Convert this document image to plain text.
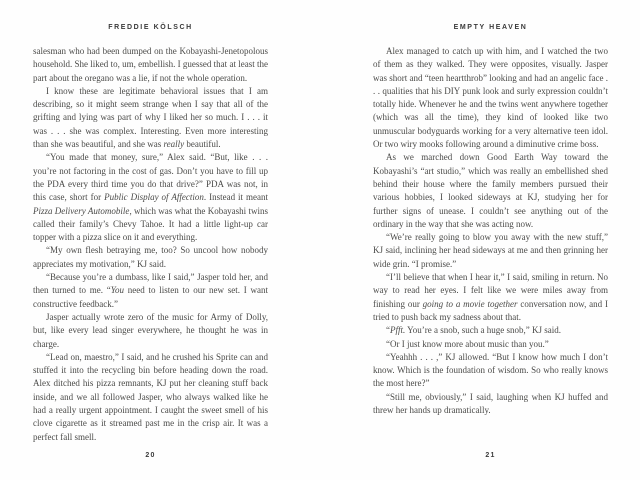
FREDDIE KÖLSCH

salesman who had been dumped on the Kobayashi-Jenetopolous household. She liked to, um, embellish. I guessed that at least the part about the oregano was a lie, if not the whole operation.

I know these are legitimate behavioral issues that I am describing, so it might seem strange when I say that all of the grifting and lying was part of why I liked her so much. I . . . it was . . . she was complex. Interesting. Even more interesting than she was beautiful, and she was really beautiful.

“You made that money, sure,” Alex said. “But, like . . . you’re not factoring in the cost of gas. Don’t you have to fill up the PDA every third time you do that drive?” PDA was not, in this case, short for Public Display of Affection. Instead it meant Pizza Delivery Automobile, which was what the Kobayashi twins called their family’s Chevy Tahoe. It had a little light-up car topper with a pizza slice on it and everything.

“My own flesh betraying me, too? So uncool how nobody appreciates my motivation,” KJ said.

“Because you’re a dumbass, like I said,” Jasper told her, and then turned to me. “You need to listen to our new set. I want constructive feedback.”

Jasper actually wrote zero of the music for Army of Dolly, but, like every lead singer everywhere, he thought he was in charge.

“Lead on, maestro,” I said, and he crushed his Sprite can and stuffed it into the recycling bin before heading down the road. Alex ditched his pizza remnants, KJ put her cleaning stuff back inside, and we all followed Jasper, who always walked like he had a really urgent appointment. I caught the sweet smell of his clove cigarette as it streamed past me in the crisp air. It was a perfect fall smell.

20
EMPTY HEAVEN

Alex managed to catch up with him, and I watched the two of them as they walked. They were opposites, visually. Jasper was short and “teen heartthrob” looking and had an angelic face . . . qualities that his DIY punk look and surly expression couldn’t totally hide. Whenever he and the twins went anywhere together (which was all the time), they kind of looked like two unmuscular bodyguards working for a very alternative teen idol. Or two wiry mooks following around a diminutive crime boss.

As we marched down Good Earth Way toward the Kobayashi’s “art studio,” which was really an embellished shed behind their house where the family members pursued their various hobbies, I looked sideways at KJ, studying her for further signs of unease. I couldn’t see anything out of the ordinary in the way that she was acting now.

“We’re really going to blow you away with the new stuff,” KJ said, inclining her head sideways at me and then grinning her wide grin. “I promise.”

“I’ll believe that when I hear it,” I said, smiling in return. No way to read her eyes. I felt like we were miles away from finishing our going to a movie together conversation now, and I tried to push back my sadness about that.

“Pfft. You’re a snob, such a huge snob,” KJ said.

“Or I just know more about music than you.”

“Yeahhh . . . ,” KJ allowed. “But I know how much I don’t know. Which is the foundation of wisdom. So who really knows the most here?”

“Still me, obviously,” I said, laughing when KJ huffed and threw her hands up dramatically.

21
